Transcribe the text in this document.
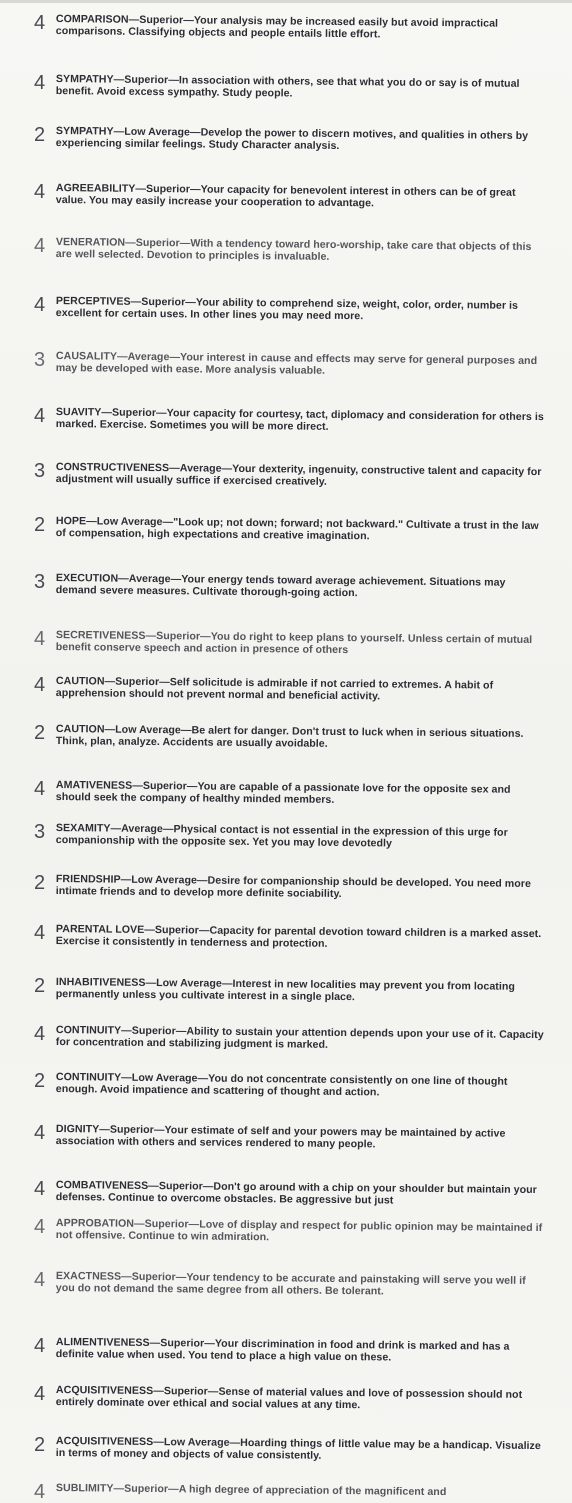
4	COMPARISON—Superior—Your analysis may be increased easily but avoid impractical comparisons. Classifying objects and people entails little effort.
4	SYMPATHY—Superior—In association with others, see that what you do or say is of mutual benefit. Avoid excess sympathy. Study people.
2	SYMPATHY—Low Average—Develop the power to discern motives, and qualities in others by experiencing similar feelings. Study Character analysis.
4	AGREEABILITY—Superior—Your capacity for benevolent interest in others can be of great value. You may easily increase your cooperation to advantage.
4	VENERATION—Superior—With a tendency toward hero-worship, take care that objects of this are well selected. Devotion to principles is invaluable.
4	PERCEPTIVES—Superior—Your ability to comprehend size, weight, color, order, number is excellent for certain uses. In other lines you may need more.
3	CAUSALITY—Average—Your interest in cause and effects may serve for general purposes and may be developed with ease. More analysis valuable.
4	SUAVITY—Superior—Your capacity for courtesy, tact, diplomacy and consideration for others is marked. Exercise. Sometimes you will be more direct.
3	CONSTRUCTIVENESS—Average—Your dexterity, ingenuity, constructive talent and capacity for adjustment will usually suffice if exercised creatively.
2	HOPE—Low Average—"Look up; not down; forward; not backward." Cultivate a trust in the law of compensation, high expectations and creative imagination.
3	EXECUTION—Average—Your energy tends toward average achievement. Situations may demand severe measures. Cultivate thorough-going action.
4	SECRETIVENESS—Superior—You do right to keep plans to yourself. Unless certain of mutual benefit conserve speech and action in presence of others
4	CAUTION—Superior—Self solicitude is admirable if not carried to extremes. A habit of apprehension should not prevent normal and beneficial activity.
2	CAUTION—Low Average—Be alert for danger. Don't trust to luck when in serious situations. Think, plan, analyze. Accidents are usually avoidable.
4	AMATIVENESS—Superior—You are capable of a passionate love for the opposite sex and should seek the company of healthy minded members.
3	SEXAMITY—Average—Physical contact is not essential in the expression of this urge for companionship with the opposite sex. Yet you may love devotedly
2	FRIENDSHIP—Low Average—Desire for companionship should be developed. You need more intimate friends and to develop more definite sociability.
4	PARENTAL LOVE—Superior—Capacity for parental devotion toward children is a marked asset. Exercise it consistently in tenderness and protection.
2	INHABITIVENESS—Low Average—Interest in new localities may prevent you from locating permanently unless you cultivate interest in a single place.
4	CONTINUITY—Superior—Ability to sustain your attention depends upon your use of it. Capacity for concentration and stabilizing judgment is marked.
2	CONTINUITY—Low Average—You do not concentrate consistently on one line of thought enough. Avoid impatience and scattering of thought and action.
4	DIGNITY—Superior—Your estimate of self and your powers may be maintained by active association with others and services rendered to many people.
4	COMBATIVENESS—Superior—Don't go around with a chip on your shoulder but maintain your defenses. Continue to overcome obstacles. Be aggressive but just
4	APPROBATION—Superior—Love of display and respect for public opinion may be maintained if not offensive. Continue to win admiration.
4	EXACTNESS—Superior—Your tendency to be accurate and painstaking will serve you well if you do not demand the same degree from all others. Be tolerant.
4	ALIMENTIVENESS—Superior—Your discrimination in food and drink is marked and has a definite value when used. You tend to place a high value on these.
4	ACQUISITIVENESS—Superior—Sense of material values and love of possession should not entirely dominate over ethical and social values at any time.
2	ACQUISITIVENESS—Low Average—Hoarding things of little value may be a handicap. Visualize in terms of money and objects of value consistently.
4	SUBLIMITY—Superior—A high degree of appreciation of the magnificent and
